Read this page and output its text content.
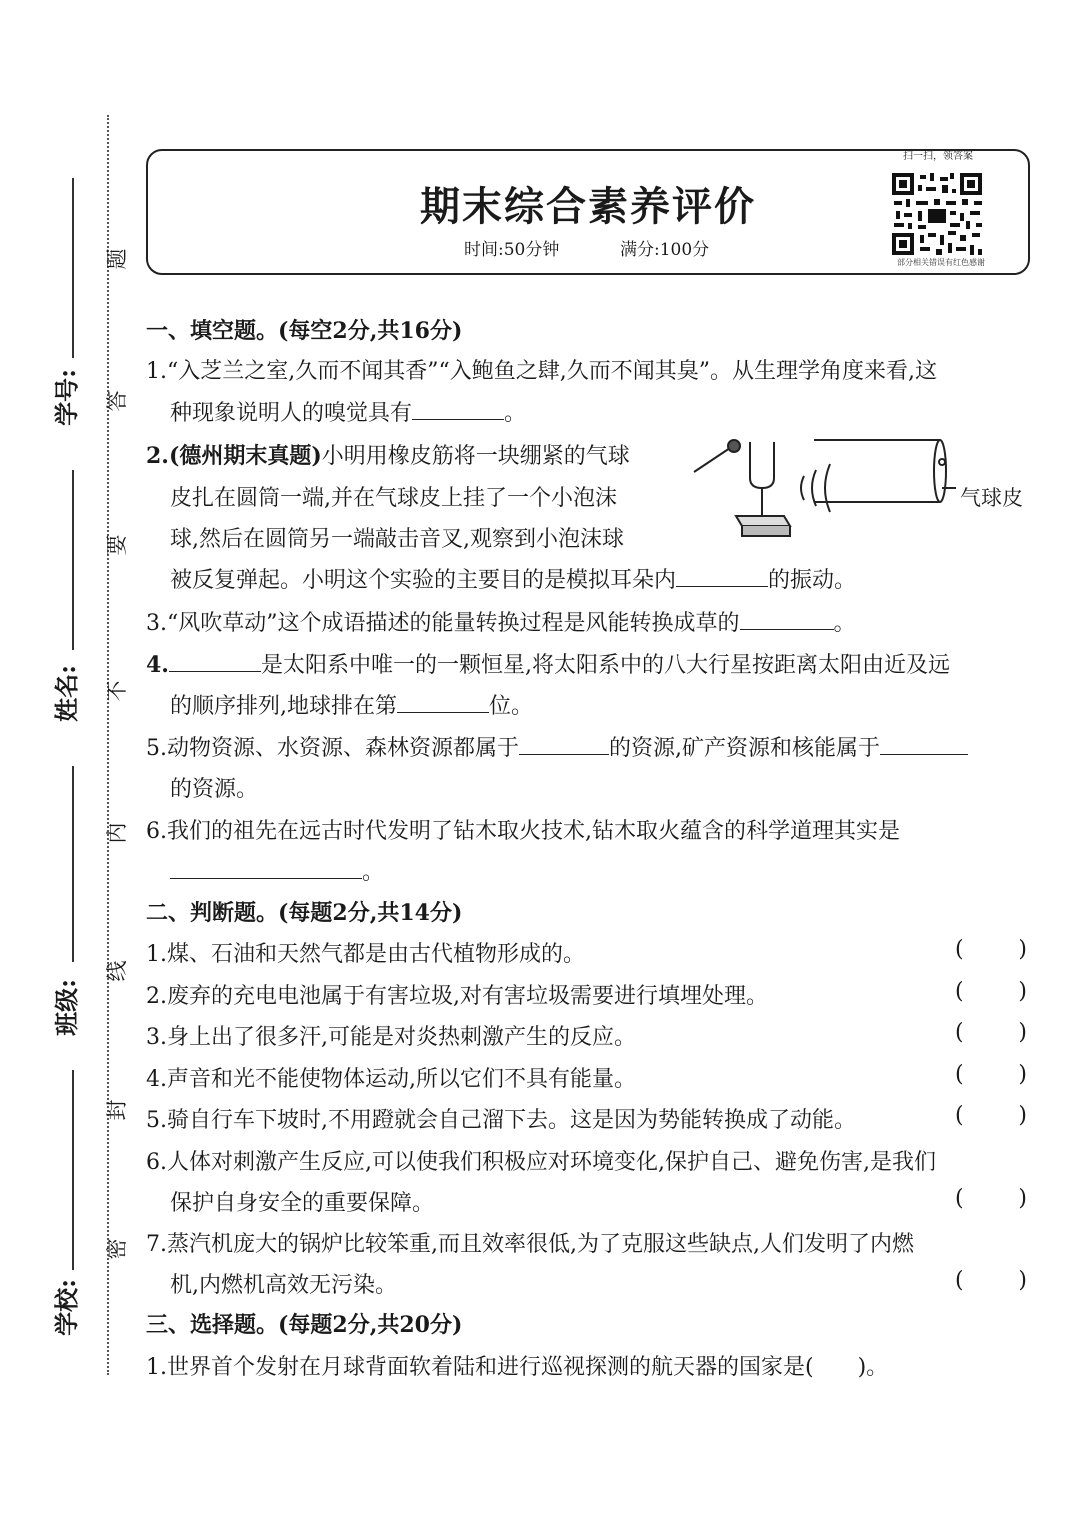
题
答
要
不
内
线
封
密
学号:
姓名:
班级:
学校:
期末综合素养评价
时间:50分钟	满分:100分
扫一扫，领答案
部分相关错误有红色感谢
一、填空题。(每空2分,共16分)
1.“入芝兰之室,久而不闻其香”“入鲍鱼之肆,久而不闻其臭”。从生理学角度来看,这
种现象说明人的嗅觉具有	。
2.(德州期末真题)小明用橡皮筋将一块绷紧的气球
皮扎在圆筒一端,并在气球皮上挂了一个小泡沫
球,然后在圆筒另一端敲击音叉,观察到小泡沫球
被反复弹起。小明这个实验的主要目的是模拟耳朵内	的振动。
气球皮
3.“风吹草动”这个成语描述的能量转换过程是风能转换成草的	。
4.	是太阳系中唯一的一颗恒星,将太阳系中的八大行星按距离太阳由近及远
的顺序排列,地球排在第	位。
5.动物资源、水资源、森林资源都属于	的资源,矿产资源和核能属于
的资源。
6.我们的祖先在远古时代发明了钻木取火技术,钻木取火蕴含的科学道理其实是
。
二、判断题。(每题2分,共14分)
1.煤、石油和天然气都是由古代植物形成的。	( )
2.废弃的充电电池属于有害垃圾,对有害垃圾需要进行填埋处理。	( )
3.身上出了很多汗,可能是对炎热刺激产生的反应。	( )
4.声音和光不能使物体运动,所以它们不具有能量。	( )
5.骑自行车下坡时,不用蹬就会自己溜下去。这是因为势能转换成了动能。	( )
6.人体对刺激产生反应,可以使我们积极应对环境变化,保护自己、避免伤害,是我们
保护自身安全的重要保障。	( )
7.蒸汽机庞大的锅炉比较笨重,而且效率很低,为了克服这些缺点,人们发明了内燃
机,内燃机高效无污染。	( )
三、选择题。(每题2分,共20分)
1.世界首个发射在月球背面软着陆和进行巡视探测的航天器的国家是(　　)。
